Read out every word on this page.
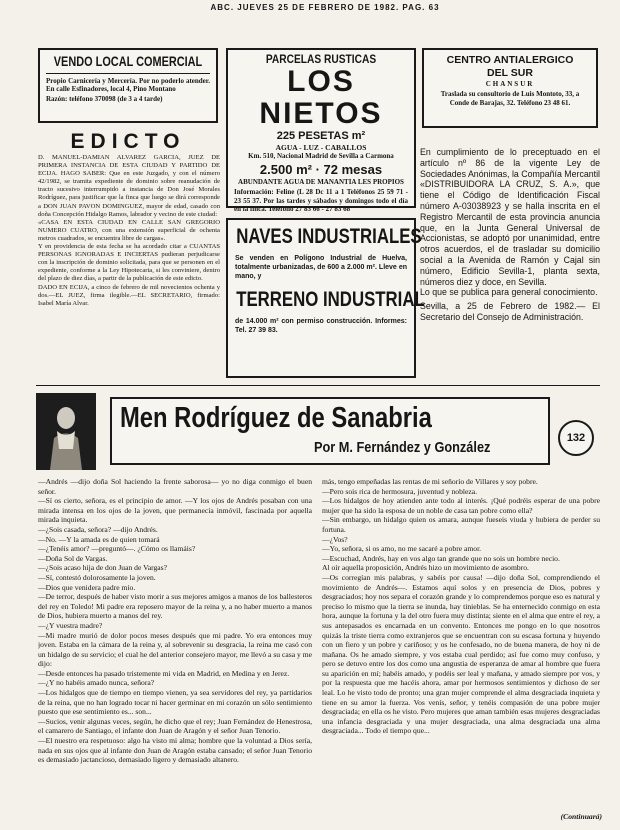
ABC. JUEVES 25 DE FEBRERO DE 1982. PAG. 63
VENDO LOCAL COMERCIAL
Propio Carnicería y Mercería. Por no poderlo atender. En calle Esfinadores, local 4, Pino Montano
Razón: teléfono 370098 (de 3 a 4 tarde)
EDICTO
D. MANUEL-DAMIAN ALVAREZ GARCIA, JUEZ DE PRIMERA INSTANCIA DE ESTA CIUDAD Y PARTIDO DE ECIJA. HAGO SABER: Que en este Juzgado, y con el número 42/1982, se tramita expediente de dominio sobre reanudación de tracto sucesivo interrumpido a instancia de Don José Morales Rodríguez, para justificar que la finca que luego se dirá corresponde a DON JUAN PAVON DOMINGUEZ, mayor de edad, casado con doña Concepción Hidalgo Ramos, labrador y vecino de este ciudad:
«CASA EN ESTA CIUDAD EN CALLE SAN GREGORIO NUMERO CUATRO, con una extensión superficial de ochenta metros cuadrados, se encuentra libre de cargas».
Y en providencia de esta fecha se ha acordado citar a CUANTAS PERSONAS IGNORADAS E INCIERTAS pudieran perjudicarse con la inscripción de dominio solicitada, para que se personen en el expediente, conforme a la Ley Hipotecaria, si les conviniere, dentro del plazo de diez días, a partir de la publicación de este edicto.
DADO EN ECIJA, a cinco de febrero de mil novecientos ochenta y dos.—EL JUEZ, firma ilegible.—EL SECRETARIO, firmado: Isabel María Alvar.
PARCELAS RUSTICAS
LOS NIETOS
225 PESETAS m²
AGUA - LUZ - CABALLOS
Km. 510, Nacional Madrid de Sevilla a Carmona
2.500 m² · 72 mesas
ABUNDANTE AGUA DE MANANTIA LES PROPIOS
Información: Feline (L 28 Dc 11 a 1 Teléfonos 25 59 71 - 23 55 37. Por las tardes y sábados y domingos todo el día en la finca. Teléfono 27 83 66 - 27 83 68
NAVES INDUSTRIALES
Se venden en Polígono Industrial de Huelva, totalmente urbanizadas, de 600 a 2.000 m². Lleve en mano, y
TERRENO INDUSTRIAL
de 14.000 m² con permiso construcción. Informes: Tel. 27 39 83.
CENTRO ANTIALERGICO
DEL SUR
CHANSUR
Traslada su consultorio de Luis Montoto, 33, a Conde de Barajas, 32. Teléfono 23 48 61.
En cumplimiento de lo preceptuado en el artículo nº 86 de la vigente Ley de Sociedades Anónimas, la Compañía Mercantil «DISTRIBUIDORA LA CRUZ, S. A.», que tiene el Código de Identificación Fiscal número A-03038923 y se halla inscrita en el Registro Mercantil de esta provincia anuncia que, en la Junta General Universal de Accionistas, se adoptó por unanimidad, entre otros acuerdos, el de trasladar su domicilio social a la Avenida de Ramón y Cajal sin número, Edificio Sevilla-1, planta sexta, números diez y doce, en Sevilla.
Lo que se publica para general conocimiento.
Sevilla, a 25 de Febrero de 1982.— El Secretario del Consejo de Administración.
Men Rodríguez de Sanabria
Por M. Fernández y González
132
—Andrés —dijo doña Sol haciendo la frente saborosa— yo no diga conmigo el buen señor.
—Sí os cierto, señora, es el principio de amor. —Y los ojos de Andrés posaban con una mirada intensa en los ojos de la joven, que permanecía inmóvil, fascinada por aquella mirada inquieta.
—¿Sois casada, señora? —dijo Andrés.
—No. —Y la amada es de quien tomará
—¿Tenéis amor? —preguntó—. ¿Cómo os llamáis?
—Doña Sol de Vargas.
—¿Sois acaso hija de don Juan de Vargas?
—Sí, contestó dolorosamente la joven.
—Dios que venidera padre mío.
—De terror, después de haber visto morir a sus mejores amigos a manos de los ballesteros del rey en Toledo! Mi padre era reposero mayor de la reina y, a no haber muerto a manos de Dios, hubiera muerto a manos del rey.
—¿Y vuestra madre?
—Mi madre murió de dolor pocos meses después que mi padre. Yo era entonces muy joven. Estaba en la cámara de la reina y, al sobrevenir su desgracia, la reina me casó con un hidalgo de su servicio; el cual he del anterior consejero mayor, me llevó a su casa y me dijo:
—Desde entonces ha pasado tristemente mi vida en Madrid, en Medina y en Jerez.
—¿Y no habéis amado nunca, señora?
—Los hidalgos que de tiempo en tiempo vienen, ya sea servidores del rey, ya partidarios de la reina, que no han logrado tocar ni hacer germinar en mi corazón un sólo sentimiento puesto que ese sentimiento es... son...
—Sucios, venir algunas veces, según, he dicho que el rey; Juan Fernández de Henestrosa, el camarero de Santiago, el infante don Juan de Aragón y el señor Juan Tenorio.
—El nuestro era respetuoso: algo ha visto mi alma; hombre que la voluntad a Dios sería, nada en sus ojos que al infante don Juan de Aragón estaba cansado; el señor Juan Tenorio es demasiado jactancioso, demasiado ligero y demasiado altanero.
más, tengo empeñadas las rentas de mi señorío de Villares y soy pobre.
—Pero sois rica de hermosura, juventud y nobleza.
—Los hidalgos de hoy atienden ante todo al interés. ¡Qué podréis esperar de una pobre mujer que ha sido la esposa de un noble de casa tan pobre como ella?
—Sin embargo, un hidalgo quien os amara, aunque fueseis viuda y hubiera de perder su fortuna.
—¿Vos?
—Yo, señora, si os amo, no me sacaré a pobre amor.
—Escuchad, Andrés, hay en vos algo tan grande que no sois un hombre necio.
Al oír aquella proposición, Andrés hizo un movimiento de asombro.
—Os corregían mis palabras, y sabéis por causa! —dijo doña Sol, comprendiendo el movimiento de Andrés—. Estamos aquí solos y en presencia de Dios, pobres y desgraciados; hoy nos separa el corazón grande y lo comprendemos porque eso es natural y preciso lo mismo que la tierra se inunda, hay tinieblas. Se ha enternecido conmigo en esta hora, aunque la fortuna y la del otro fuera muy distinta; siente en el alma que entre el rey, a sus antepasados es encarnada en un convento. Entonces me pongo en lo que nosotros quizás la triste tierra como extranjeros que se encuentran con su escasa fortuna y huyendo con un fiero y un pobre y cariñoso; y os he confesado, no de buena manera, de hoy ni de mañana. Os he amado siempre, y vos estaba cual perdido; así fue como muy confuso, y pero se detuvo entre los dos como una angustia de esperanza de amar al hombre que fuera su aparición en mí; habéis amado, y podéis ser leal y mañana, y amado siempre por vos, y por la respuesta que me hacéis ahora, amar por hermosos sentimientos y dichoso de ser leal. Lo he visto todo de pronto; una gran mujer comprende el alma desgraciada inquieta y tiene en su amor la fuerza. Vos venís, señor, y tenéis compasión de una pobre mujer desgraciada; en ella os he visto. Pero mujeres que aman también esas mujeres desgraciadas una infancia desgraciada y una mujer desgraciada, una alma desgraciada una alma desgraciada... Todo el tiempo que...
(Continuará)
